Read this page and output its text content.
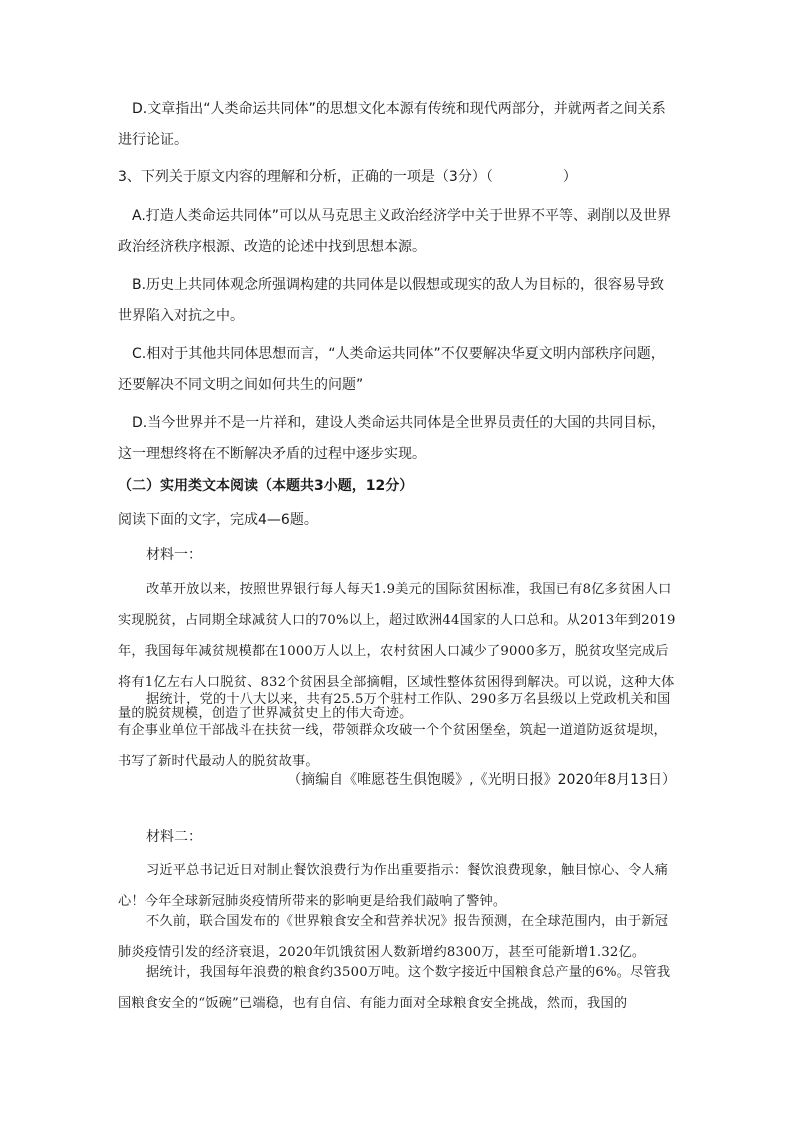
D.文章指出“人类命运共同体”的思想文化本源有传统和现代两部分，并就两者之间关系进行论证。

3、下列关于原文内容的理解和分析，正确的一项是（3分）（	）

A.打造人类命运共同体”可以从马克思主义政治经济学中关于世界不平等、剥削以及世界政治经济秩序根源、改造的论述中找到思想本源。

B.历史上共同体观念所强调构建的共同体是以假想或现实的敌人为目标的，很容易导致世界陷入对抗之中。

C.相对于其他共同体思想而言，“人类命运共同体”不仅要解决华夏文明内部秩序问题，还要解决不同文明之间如何共生的问题”

D.当今世界并不是一片祥和，建设人类命运共同体是全世界员责任的大国的共同目标，这一理想终将在不断解决矛盾的过程中逐步实现。

（二）实用类文本阅读（本题共3小题，12分）

阅读下面的文字，完成4—6题。

材料一：

改革开放以来，按照世界银行每人每天1.9美元的国际贫困标准，我国已有8亿多贫困人口实现脱贫，占同期全球减贫人口的70%以上，超过欧洲44国家的人口总和。从2013年到2019年，我国每年减贫规模都在1000万人以上，农村贫困人口减少了9000多万，脱贫攻坚完成后将有1亿左右人口脱贫、832个贫困县全部摘帽，区域性整体贫困得到解决。可以说，这种大体量的脱贫规模，创造了世界减贫史上的伟大奇迹。

据统计，党的十八大以来，共有25.5万个驻村工作队、290多万名县级以上党政机关和国有企事业单位干部战斗在扶贫一线，带领群众攻破一个个贫困堡垒，筑起一道道防返贫堤坝，书写了新时代最动人的脱贫故事。

（摘编自《唯愿苍生俱饱暖》,《光明日报》2020年8月13日）

材料二：

习近平总书记近日对制止餐饮浪费行为作出重要指示：餐饮浪费现象，触目惊心、令人痛心！今年全球新冠肺炎疫情所带来的影响更是给我们敲响了警钟。

不久前，联合国发布的《世界粮食安全和营养状况》报告预测，在全球范围内，由于新冠肺炎疫情引发的经济衰退，2020年饥饿贫困人数新增约8300万，甚至可能新增1.32亿。

据统计，我国每年浪费的粮食约3500万吨。这个数字接近中国粮食总产量的6%。尽管我国粮食安全的“饭碗”已端稳，也有自信、有能力面对全球粮食安全挑战，然而，我国的
